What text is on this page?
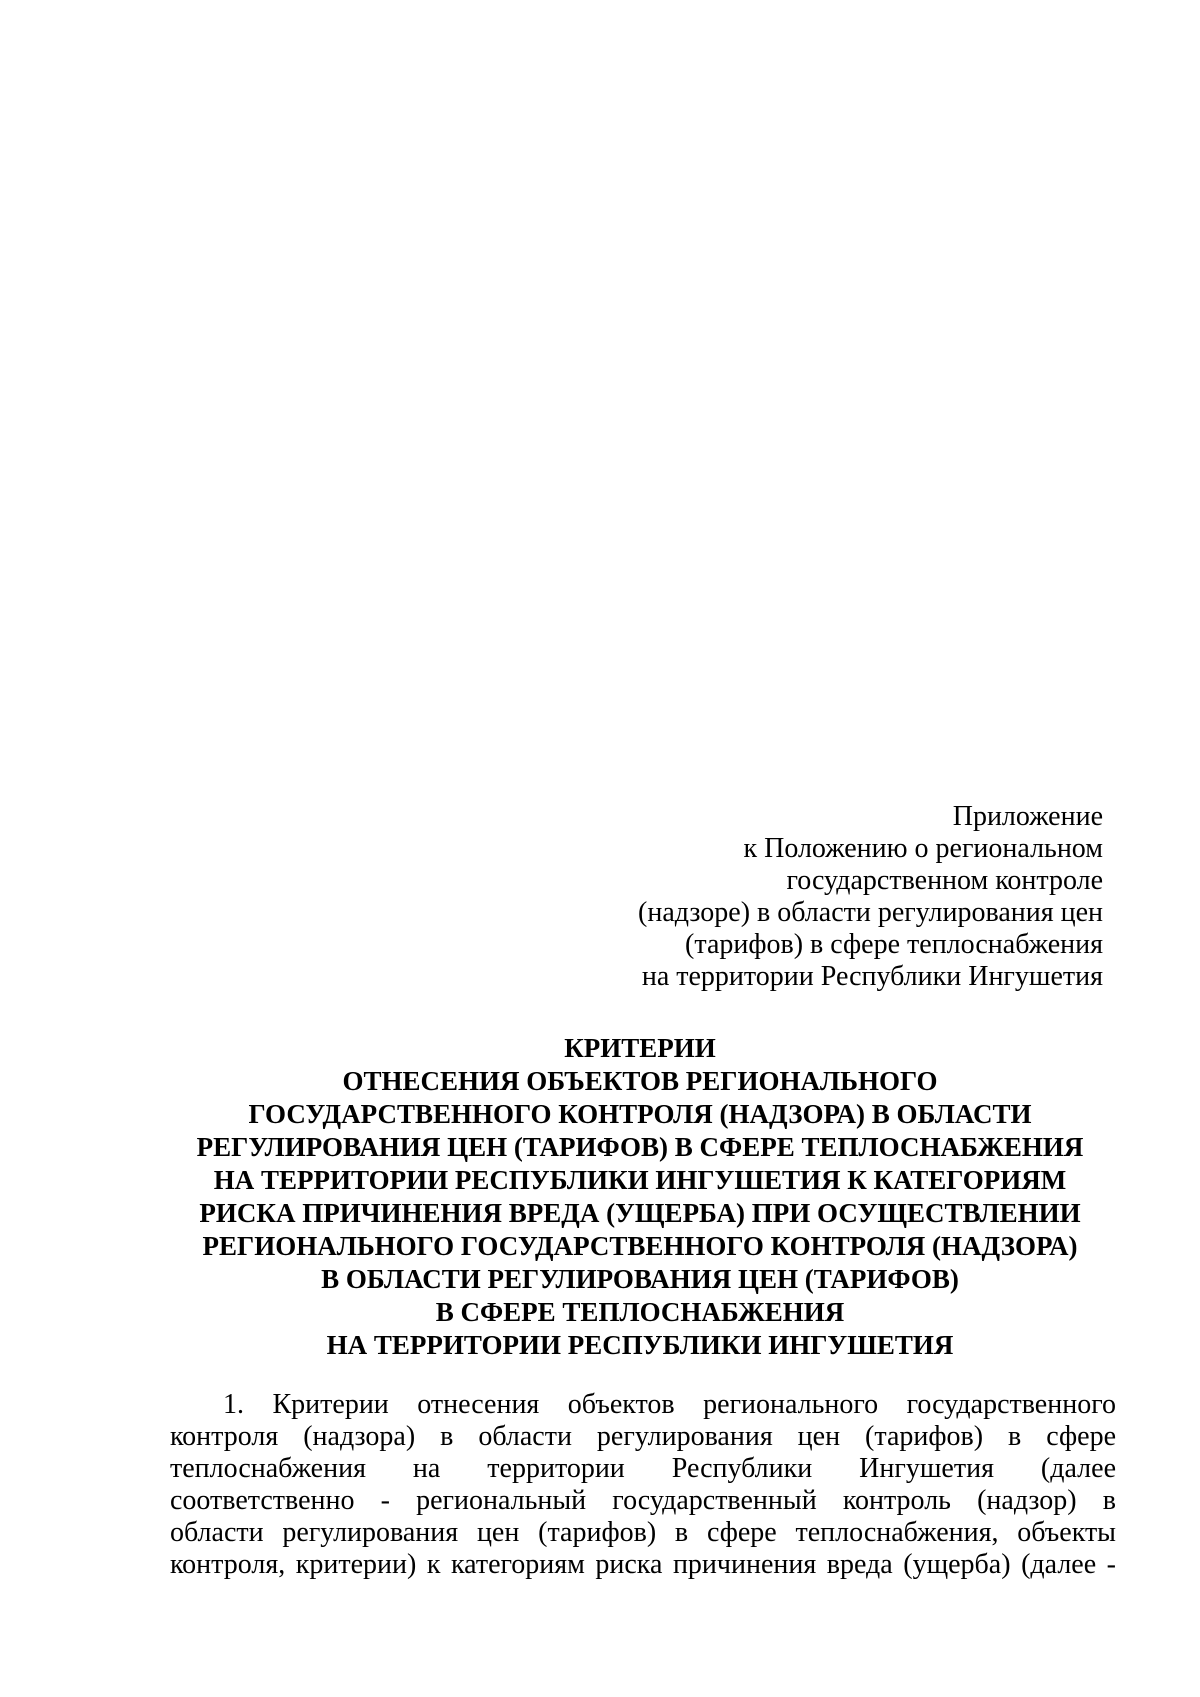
Приложение
к Положению о региональном
государственном контроле
(надзоре) в области регулирования цен
(тарифов) в сфере теплоснабжения
на территории Республики Ингушетия
КРИТЕРИИ
ОТНЕСЕНИЯ ОБЪЕКТОВ РЕГИОНАЛЬНОГО
ГОСУДАРСТВЕННОГО КОНТРОЛЯ (НАДЗОРА) В ОБЛАСТИ
РЕГУЛИРОВАНИЯ ЦЕН (ТАРИФОВ) В СФЕРЕ ТЕПЛОСНАБЖЕНИЯ
НА ТЕРРИТОРИИ РЕСПУБЛИКИ ИНГУШЕТИЯ К КАТЕГОРИЯМ
РИСКА ПРИЧИНЕНИЯ ВРЕДА (УЩЕРБА) ПРИ ОСУЩЕСТВЛЕНИИ
РЕГИОНАЛЬНОГО ГОСУДАРСТВЕННОГО КОНТРОЛЯ (НАДЗОРА)
В ОБЛАСТИ РЕГУЛИРОВАНИЯ ЦЕН (ТАРИФОВ)
В СФЕРЕ ТЕПЛОСНАБЖЕНИЯ
НА ТЕРРИТОРИИ РЕСПУБЛИКИ ИНГУШЕТИЯ
1. Критерии отнесения объектов регионального государственного
контроля (надзора) в области регулирования цен (тарифов) в сфере
теплоснабжения на территории Республики Ингушетия (далее
соответственно - региональный государственный контроль (надзор) в
области регулирования цен (тарифов) в сфере теплоснабжения, объекты
контроля, критерии) к категориям риска причинения вреда (ущерба) (далее -
